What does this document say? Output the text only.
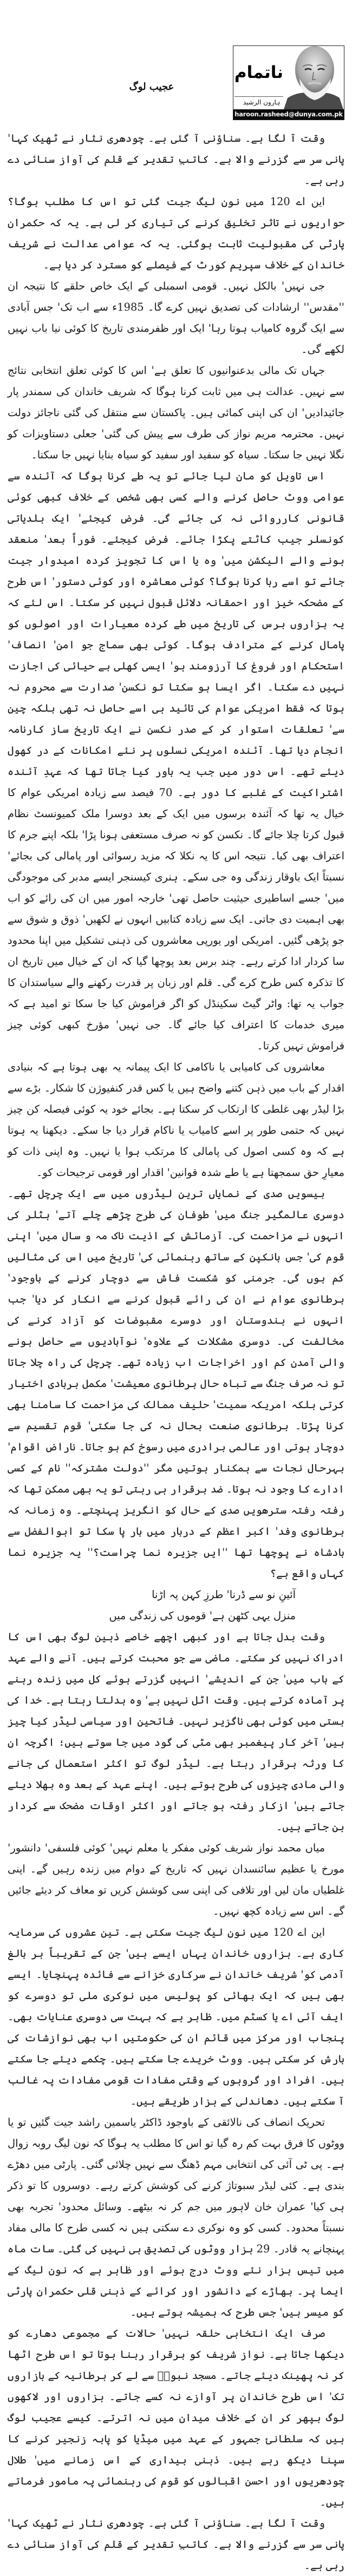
ناتمام
ہارون الرشید
haroon.rasheed@dunya.com.pk
عجیب لوگ

وقت آ لگا ہے۔ سناؤنی آ گئی ہے۔ چودھری نثار نے ٹھیک کہا' پانی سر سے گزرنے والا ہے۔ کاتبِ تقدیر کے قلم کی آواز سنائی دے رہی ہے۔

این اے 120 میں نون لیگ جیت گئی تو اس کا مطلب ہوگا؟ حواریوں نے تاثر تخلیق کرنے کی تیاری کر لی ہے۔ یہ کہ حکمران پارٹی کی مقبولیت ثابت ہوگئی۔ یہ کہ عوامی عدالت نے شریف خاندان کے خلاف سپریم کورٹ کے فیصلے کو مسترد کر دیا ہے۔

جی نہیں' بالکل نہیں۔ قومی اسمبلی کے ایک خاص حلقے کا نتیجہ ان ''مقدس'' ارشادات کی تصدیق نہیں کرے گا۔ 1985ء سے اب تک' جس آبادی سے ایک گروہ کامیاب ہوتا رہا' ایک اور ظفرمندی تاریخ کا کوئی نیا باب نہیں لکھے گی۔

جہاں تک مالی بدعنوانیوں کا تعلق ہے' اس کا کوئی تعلق انتخابی نتائج سے نہیں۔ عدالت ہی میں ثابت کرنا ہوگا کہ شریف خاندان کی سمندر پار جائیدادیں' ان کی اپنی کمائی ہیں۔ پاکستان سے منتقل کی گئی ناجائز دولت نہیں۔ محترمہ مریم نواز کی طرف سے پیش کی گئی' جعلی دستاویزات کو نگلا نہیں جا سکتا۔ سیاہ کو سفید اور سفید کو سیاہ بنایا نہیں جا سکتا۔

اس تاویل کو مان لیا جائے تو یہ طے کرنا ہوگا کہ آئندہ سے عوامی ووٹ حاصل کرنے والے کسی بھی شخص کے خلاف کبھی کوئی قانونی کارروائی نہ کی جائے گی۔ فرض کیجئے' ایک بلدیاتی کونسلر جیب کاٹتے پکڑا جائے۔ فرض کیجئے۔ فوراً بعد' منعقد ہونے والے الیکشن میں' وہ یا اس کا تجویز کردہ امیدوار جیت جائے تو اسے رہا کرنا ہوگا؟ کوئی معاشرہ اور کوئی دستور' اس طرح کے مضحکہ خیز اور احمقانہ دلائل قبول نہیں کر سکتا۔ اس لئے کہ یہ ہزاروں برس کی تاریخ میں طے کردہ معیارات اور اصولوں کو پامال کرنے کے مترادف ہوگا۔ کوئی بھی سماج جو امن' انصاف' استحکام اور فروغ کا آرزومند ہو' ایسی کھلی بے حیائی کی اجازت نہیں دے سکتا۔ اگر ایسا ہو سکتا تو نکسن' صدارت سے محروم نہ ہوتا کہ فقط امریکی عوام کی تائید ہی اسے حاصل نہ تھی بلکہ چین سے' تعلقات استوار کر کے صدر نکسن نے ایک تاریخ ساز کارنامہ انجام دیا تھا۔ آئندہ امریکی نسلوں پر نئے امکانات کے در کھول دیئے تھے۔ اس دور میں جب یہ باور کیا جاتا تھا کہ عہدِ آئندہ اشتراکیت کے غلبے کا دور ہے۔ 70 فیصد سے زیادہ امریکی عوام کا خیال یہ تھا کہ آئندہ برسوں میں ایک کے بعد دوسرا ملک کمیونسٹ نظام قبول کرتا چلا جائے گا۔ نکسن کو نہ صرف مستعفی ہونا پڑا' بلکہ اپنے جرم کا اعتراف بھی کیا۔ نتیجہ اس کا یہ نکلا کہ مزید رسوائی اور پامالی کی بجائے' نسبتاً ایک باوقار زندگی وہ جی سکے۔ ہنری کیسنجر ایسے مدبر کی موجودگی میں' جسے اساطیری حیثیت حاصل تھی' خارجہ امور میں ان کی رائے کو اب بھی اہمیت دی جاتی۔ ایک سے زیادہ کتابیں انہوں نے لکھیں' ذوق و شوق سے جو پڑھی گئیں۔ امریکی اور یورپی معاشروں کی ذہنی تشکیل میں اپنا محدود سا کردار ادا کرتے رہے۔ چند برس بعد پوچھا گیا کہ ان کے خیال میں تاریخ ان کا تذکرہ کس طرح کرے گی۔ قلم اور زبان پر قدرت رکھنے والے سیاستدان کا جواب یہ تھا: واٹر گیٹ سکینڈل کو اگر فراموش کیا جا سکا تو امید ہے کہ میری خدمات کا اعتراف کیا جائے گا۔ جی نہیں' مؤرخ کبھی کوئی چیز فراموش نہیں کرتا۔

معاشروں کی کامیابی یا ناکامی کا ایک پیمانہ یہ بھی ہوتا ہے کہ بنیادی اقدار کے باب میں ذہن کتنے واضح ہیں یا کس قدر کنفیوژن کا شکار۔ بڑے سے بڑا لیڈر بھی غلطی کا ارتکاب کر سکتا ہے۔ بجائے خود یہ کوئی فیصلہ کن چیز نہیں کہ حتمی طور پر اسے کامیاب یا ناکام قرار دیا جا سکے۔ دیکھنا یہ ہوتا ہے کہ وہ کسی اصول کی پامالی کا مرتکب ہوا یا نہیں۔ وہ اپنی ذات کو معیارِ حق سمجھتا ہے یا طے شدہ قوانین' اقدار اور قومی ترجیحات کو۔

بیسویں صدی کے نمایاں ترین لیڈروں میں سے ایک چرچل تھے۔ دوسری عالمگیر جنگ میں' طوفان کی طرح چڑھے چلے آتے' ہٹلر کی انہوں نے مزاحمت کی۔ آزمائش کے اذیت ناک مہ و سال میں' اپنی قوم کی' جس بانکپن کے ساتھ رہنمائی کی' تاریخ میں اس کی مثالیں کم ہوں گی۔ جرمنی کو شکست فاش سے دوچار کرنے کے باوجود' برطانوی عوام نے ان کی رائے قبول کرنے سے انکار کر دیا' جب انہوں نے ہندوستان اور دوسرے مقبوضات کو آزاد کرنے کی مخالفت کی۔ دوسری مشکلات کے علاوہ' نوآبادیوں سے حاصل ہونے والی آمدن کم اور اخراجات اب زیادہ تھے۔ چرچل کی راہ چلا جاتا تو نہ صرف جنگ سے تباہ حال برطانوی معیشت' مکمل بربادی اختیار کرتی بلکہ امریکہ سمیت' حلیف ممالک کی مزاحمت کا سامنا بھی کرنا پڑتا۔ برطانوی صنعت بحال نہ کی جا سکتی' قوم تقسیم سے دوچار ہوتی اور عالمی برادری میں رسوخ کم ہو جاتا۔ ناراض اقوام' بہرحال نجات سے ہمکنار ہوتیں مگر ''دولت مشترکہ'' نام کے کسی ادارے کا وجود نہ ہوتا۔ ضد برقرار ہی رہتی تو یہ بھی ممکن تھا کہ رفتہ رفتہ سترھویں صدی کے حال کو انگریز پہنچتے۔ وہ زمانہ کہ برطانوی وفد' اکبر اعظم کے دربار میں بار پا سکا تو ابوالفضل سے بادشاہ نے پوچھا تھا ''ایں جزیرہ نما چراست؟'' یہ جزیرہ نما کہاں واقع ہے؟

آئینِ نو سے ڈرنا' طرزِ کہن پہ اڑنا

منزل یہی کٹھن ہے' قوموں کی زندگی میں

وقت بدل جاتا ہے اور کبھی اچھے خاصے ذہین لوگ بھی اس کا ادراک نہیں کر سکتے۔ ماضی سے جو محبت کرتے ہیں۔ آنے والے عہد کے باب میں' جن کے اندیشے' انہیں گزرتے ہوئے کل میں زندہ رہنے پر آمادہ کرتے ہیں۔ وقت اٹل نہیں ہے' وہ بدلتا رہتا ہے۔ خدا کی بستی میں کوئی بھی ناگزیر نہیں۔ فاتحین اور سیاسی لیڈر کیا چیز ہیں' آخر کار پیغمبر بھی مٹی کی گود میں جا سوتے ہیں؛ اگرچہ ان کا ورثہ برقرار رہتا ہے۔ لیڈر لوگ تو اکثر استعمال کی جانے والی مادی چیزوں کی طرح ہوتے ہیں۔ اپنے عہد کے بعد وہ بھلا دیئے جاتے ہیں' ازکار رفتہ ہو جاتے اور اکثر اوقات مضحک سے کردار بن جاتے ہیں۔

میاں محمد نواز شریف کوئی مفکر یا معلم نہیں' کوئی فلسفی' دانشور' مورخ یا عظیم سائنسدان نہیں کہ تاریخ کے دوام میں زندہ رہیں گے۔ اپنی غلطیاں مان لیں اور تلافی کی اپنی سی کوشش کریں تو معاف کر دیئے جائیں گے۔ اس سے زیادہ کچھ نہیں۔

این اے 120 میں نون لیگ جیت سکتی ہے۔ تین عشروں کی سرمایہ کاری ہے۔ ہزاروں خاندان یہاں ایسے ہیں' جن کے تقریباً ہر بالغ آدمی کو' شریف خاندان نے سرکاری خزانے سے فائدہ پہنچایا۔ ایسے بھی ہیں کہ ایک بھائی کو پولیس میں نوکری ملی تو دوسرے کو ایف آئی اے یا کسٹم میں۔ ظاہر ہے کہ بہت سی دوسری عنایات بھی۔ پنجاب اور مرکز میں قائم ان کی حکومتیں اب بھی نوازشات کی بارش کر سکتی ہیں۔ ووٹ خریدے جا سکتے ہیں۔ چکمے دیئے جا سکتے ہیں۔ افراد اور گروہوں کے وقتی مفادات قومی مفادات پہ غالب آ سکتے ہیں۔ دھاندلی کے ہزار طریقے ہیں۔

تحریک انصاف کی نالائقی کے باوجود ڈاکٹر یاسمین راشد جیت گئیں تو یا ووٹوں کا فرق بہت کم رہ گیا تو اس کا مطلب یہ ہوگا کہ نون لیگ روبہ زوال ہے۔ پی ٹی آئی کی انتخابی مہم ڈھنگ سے نہیں چلائی گئی۔ پارٹی میں دھڑے بندی ہے۔ کئی لیڈر سبوتاژ کرنے کی کوشش کرتے رہے۔ دوسروں کا تو ذکر ہی کیا' عمران خان لاہور میں جم کر نہ بیٹھے۔ وسائل محدود' تجربہ بھی نسبتاً محدود۔ کسی کو وہ نوکری دے سکتی ہیں نہ کسی طرح کا مالی مفاد پہنچانے پہ قادر۔ 29 ہزار ووٹوں کی تصدیق ہی نہیں کی گئی۔ سات ماہ میں تیس ہزار نئے ووٹ درج ہوئے اور ظاہر ہے کہ نون لیگ کے ایما پر۔ بھاڑے کے دانشور اور کرائے کے ذہنی قلی حکمران پارٹی کو میسر ہیں' جس طرح کہ ہمیشہ ہوتے ہیں۔

صرف ایک انتخابی حلقہ نہیں' حالات کے مجموعی دھارے کو دیکھا جاتا ہے۔ نواز شریف کو برقرار رہنا ہوتا تو اس طرح اٹھا کر نہ پھینک دیئے جاتے۔ مسجد نبویؐ سے لے کر برطانیہ کے بازاروں تک' اس طرح خاندان پر آوازے نہ کسے جاتے۔ ہزاروں اور لاکھوں لوگ بپھر کر ان کے خلاف میدان میں نہ اترتے۔ کیسے عجیب لوگ ہیں کہ سلطانیٔ جمہور کے عہد میں میڈیا کو پابہ زنجیر کرنے کا سپنا دیکھ رہے ہیں۔ ذہنی بیداری کے اس زمانے میں' طلال چودھریوں اور احسن اقبالوں کو قوم کی رہنمائی پہ مامور فرماتے ہیں۔

وقت آ لگا ہے۔ سناؤنی آ گئی ہے۔ چودھری نثار نے ٹھیک کہا' پانی سر سے گزرنے والا ہے۔ کاتبِ تقدیر کے قلم کی آواز سنائی دے رہی ہے۔
